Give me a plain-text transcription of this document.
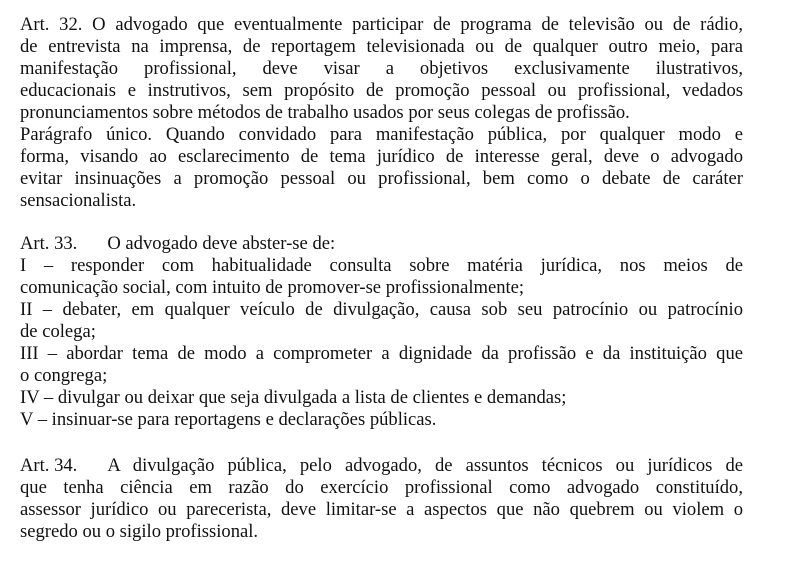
Art. 32. O advogado que eventualmente participar de programa de televisão ou de rádio,
de entrevista na imprensa, de reportagem televisionada ou de qualquer outro meio, para
manifestação profissional, deve visar a objetivos exclusivamente ilustrativos,
educacionais e instrutivos, sem propósito de promoção pessoal ou profissional, vedados
pronunciamentos sobre métodos de trabalho usados por seus colegas de profissão.
Parágrafo único. Quando convidado para manifestação pública, por qualquer modo e
forma, visando ao esclarecimento de tema jurídico de interesse geral, deve o advogado
evitar insinuações a promoção pessoal ou profissional, bem como o debate de caráter
sensacionalista.
Art. 33. O advogado deve abster-se de:
I – responder com habitualidade consulta sobre matéria jurídica, nos meios de
comunicação social, com intuito de promover-se profissionalmente;
II – debater, em qualquer veículo de divulgação, causa sob seu patrocínio ou patrocínio
de colega;
III – abordar tema de modo a comprometer a dignidade da profissão e da instituição que
o congrega;
IV – divulgar ou deixar que seja divulgada a lista de clientes e demandas;
V – insinuar-se para reportagens e declarações públicas.
Art. 34. A divulgação pública, pelo advogado, de assuntos técnicos ou jurídicos de
que tenha ciência em razão do exercício profissional como advogado constituído,
assessor jurídico ou parecerista, deve limitar-se a aspectos que não quebrem ou violem o
segredo ou o sigilo profissional.
